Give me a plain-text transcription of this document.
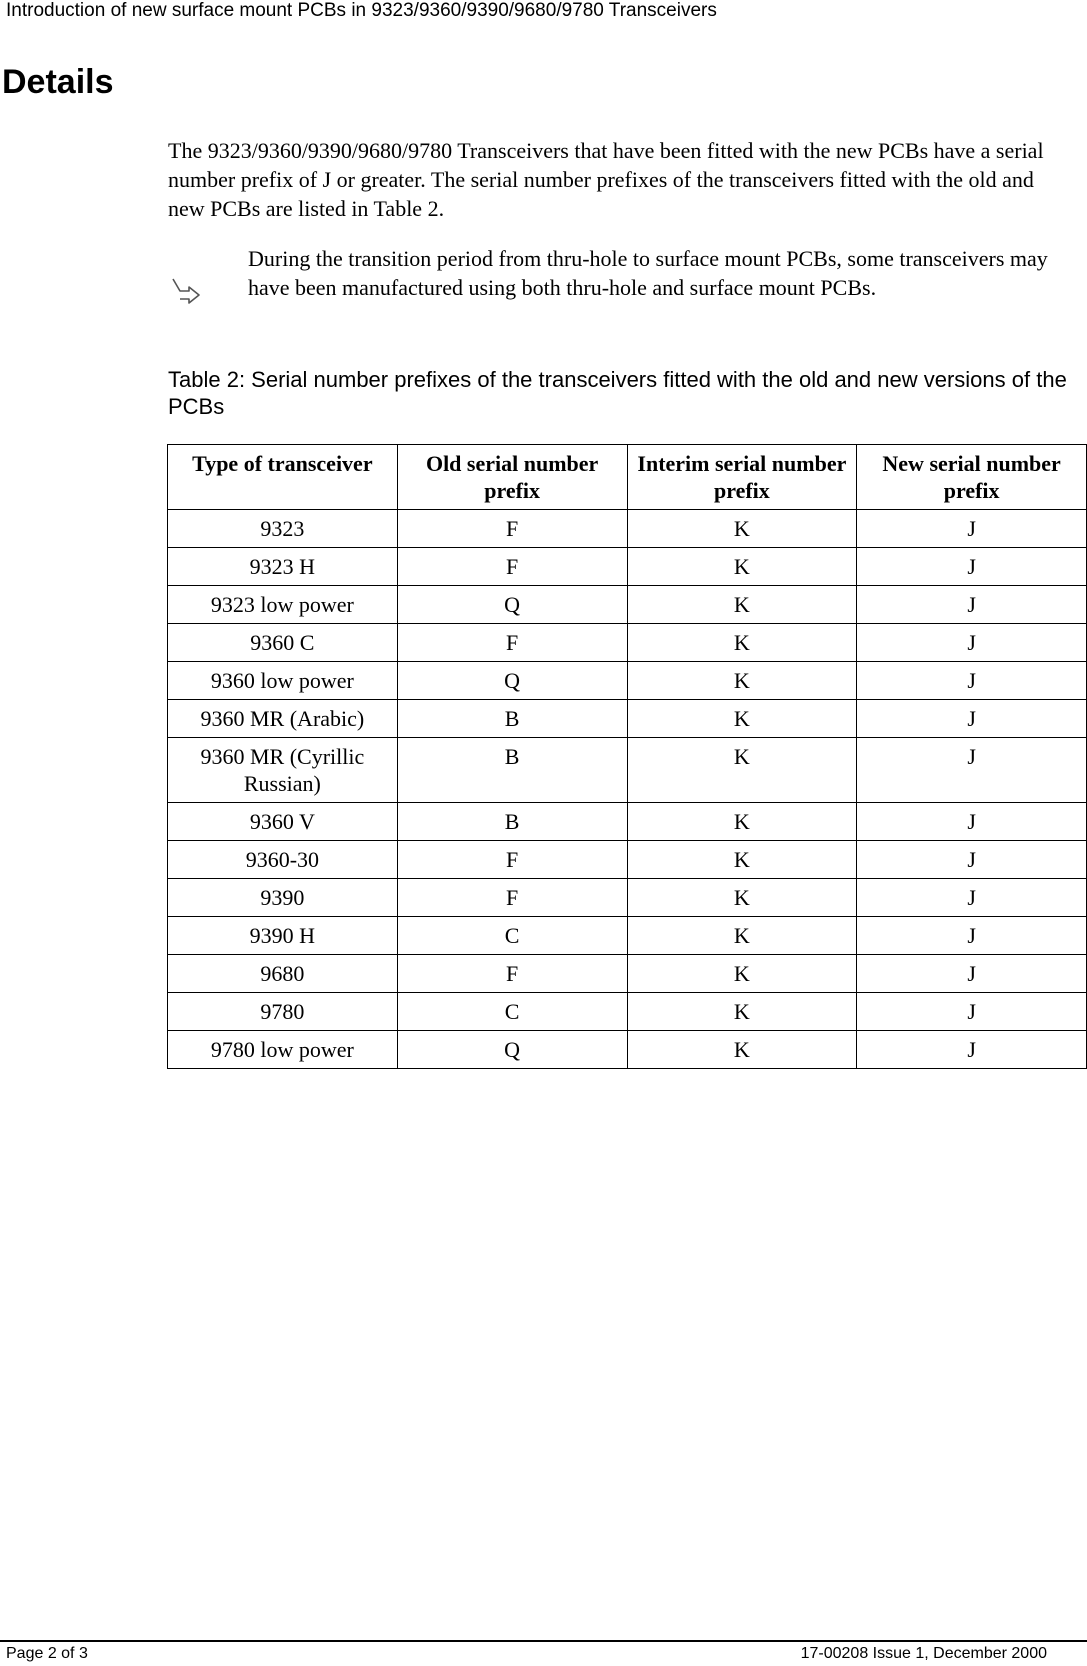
Introduction of new surface mount PCBs in 9323/9360/9390/9680/9780 Transceivers
Details
The 9323/9360/9390/9680/9780 Transceivers that have been fitted with the new PCBs have a serial number prefix of J or greater. The serial number prefixes of the transceivers fitted with the old and new PCBs are listed in Table 2.
During the transition period from thru-hole to surface mount PCBs, some transceivers may have been manufactured using both thru-hole and surface mount PCBs.
Table 2: Serial number prefixes of the transceivers fitted with the old and new versions of the PCBs
Type of transceiver	Old serial number prefix	Interim serial number prefix	New serial number prefix
9323	F	K	J
9323 H	F	K	J
9323 low power	Q	K	J
9360 C	F	K	J
9360 low power	Q	K	J
9360 MR (Arabic)	B	K	J
9360 MR (Cyrillic Russian)	B	K	J
9360 V	B	K	J
9360-30	F	K	J
9390	F	K	J
9390 H	C	K	J
9680	F	K	J
9780	C	K	J
9780 low power	Q	K	J
Page 2 of 3	17-00208 Issue 1, December 2000
